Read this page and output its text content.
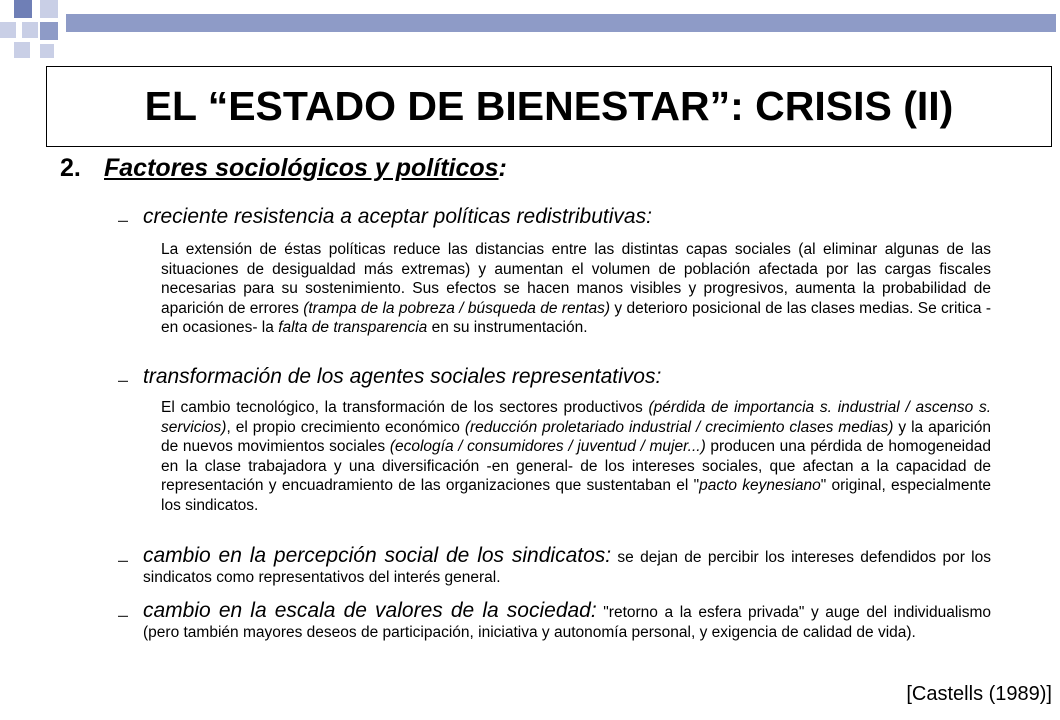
EL “ESTADO DE BIENESTAR”: CRISIS (II)
2. Factores sociológicos y políticos:
– creciente resistencia a aceptar políticas redistributivas:
La extensión de éstas políticas reduce las distancias entre las distintas capas sociales (al eliminar algunas de las situaciones de desigualdad más extremas) y aumentan el volumen de población afectada por las cargas fiscales necesarias para su sostenimiento. Sus efectos se hacen manos visibles y progresivos, aumenta la probabilidad de aparición de errores (trampa de la pobreza / búsqueda de rentas) y deterioro posicional de las clases medias. Se critica -en ocasiones- la falta de transparencia en su instrumentación.
– transformación de los agentes sociales representativos:
El cambio tecnológico, la transformación de los sectores productivos (pérdida de importancia s. industrial / ascenso s. servicios), el propio crecimiento económico (reducción proletariado industrial / crecimiento clases medias) y la aparición de nuevos movimientos sociales (ecología / consumidores / juventud / mujer...) producen una pérdida de homogeneidad en la clase trabajadora y una diversificación -en general- de los intereses sociales, que afectan a la capacidad de representación y encuadramiento de las organizaciones que sustentaban el "pacto keynesiano" original, especialmente los sindicatos.
– cambio en la percepción social de los sindicatos: se dejan de percibir los intereses defendidos por los sindicatos como representativos del interés general.
– cambio en la escala de valores de la sociedad: "retorno a la esfera privada" y auge del individualismo (pero también mayores deseos de participación, iniciativa y autonomía personal, y exigencia de calidad de vida).
[Castells (1989)]
